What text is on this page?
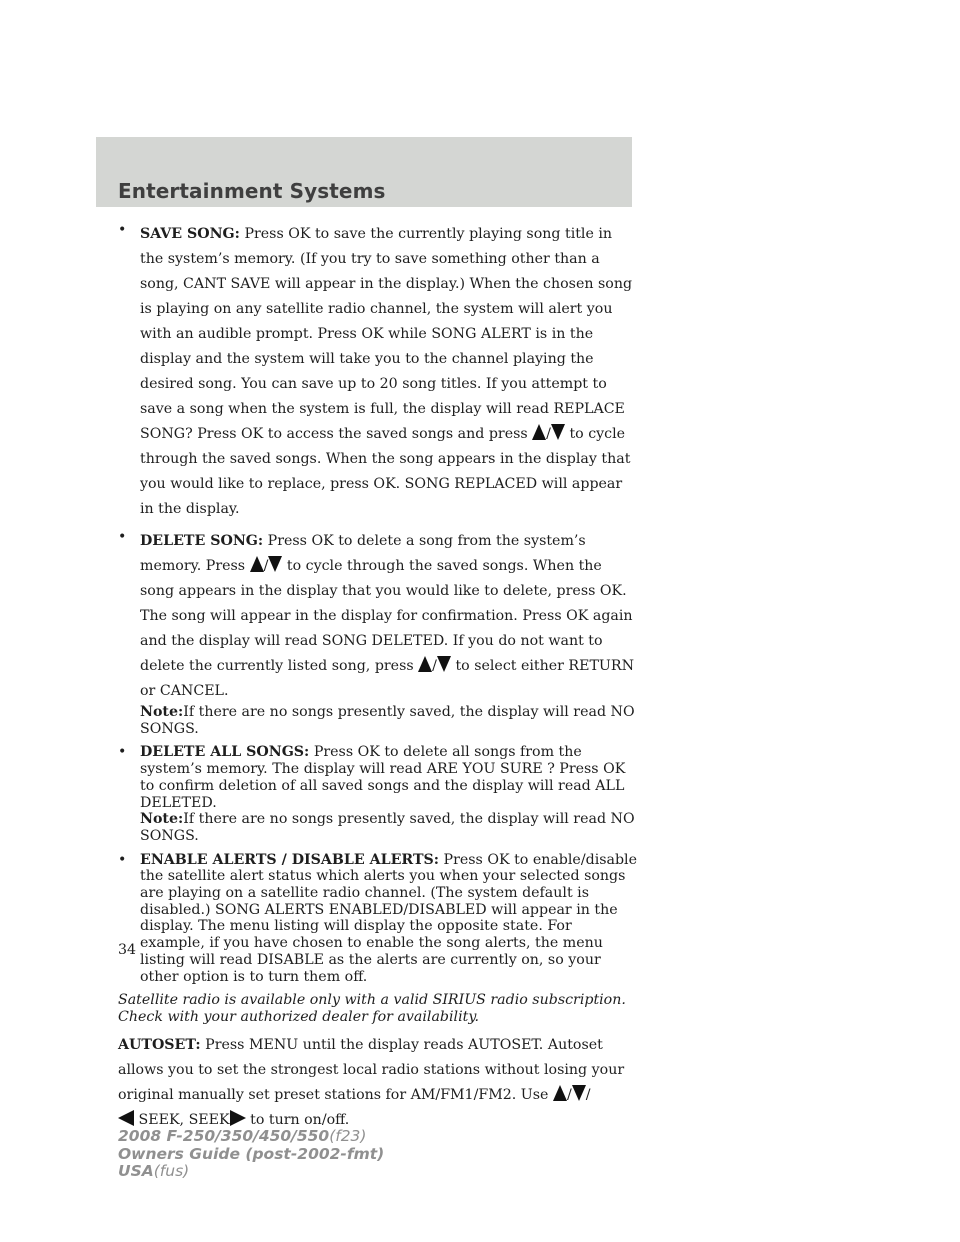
Entertainment Systems
• SAVE SONG: Press OK to save the currently playing song title in the system’s memory. (If you try to save something other than a song, CANT SAVE will appear in the display.) When the chosen song is playing on any satellite radio channel, the system will alert you with an audible prompt. Press OK while SONG ALERT is in the display and the system will take you to the channel playing the desired song. You can save up to 20 song titles. If you attempt to save a song when the system is full, the display will read REPLACE SONG? Press OK to access the saved songs and press / to cycle through the saved songs. When the song appears in the display that you would like to replace, press OK. SONG REPLACED will appear in the display.
• DELETE SONG: Press OK to delete a song from the system’s memory. Press / to cycle through the saved songs. When the song appears in the display that you would like to delete, press OK. The song will appear in the display for confirmation. Press OK again and the display will read SONG DELETED. If you do not want to delete the currently listed song, press / to select either RETURN or CANCEL.
Note:If there are no songs presently saved, the display will read NO SONGS.
• DELETE ALL SONGS: Press OK to delete all songs from the system’s memory. The display will read ARE YOU SURE ? Press OK to confirm deletion of all saved songs and the display will read ALL DELETED.
Note:If there are no songs presently saved, the display will read NO SONGS.
• ENABLE ALERTS / DISABLE ALERTS: Press OK to enable/disable the satellite alert status which alerts you when your selected songs are playing on a satellite radio channel. (The system default is disabled.) SONG ALERTS ENABLED/DISABLED will appear in the display. The menu listing will display the opposite state. For example, if you have chosen to enable the song alerts, the menu listing will read DISABLE as the alerts are currently on, so your other option is to turn them off.
Satellite radio is available only with a valid SIRIUS radio subscription. Check with your authorized dealer for availability.
AUTOSET: Press MENU until the display reads AUTOSET. Autoset allows you to set the strongest local radio stations without losing your original manually set preset stations for AM/FM1/FM2. Use / /
SEEK, SEEK to turn on/off.
34
2008 F-250/350/450/550(f23)
Owners Guide (post-2002-fmt)
USA(fus)
